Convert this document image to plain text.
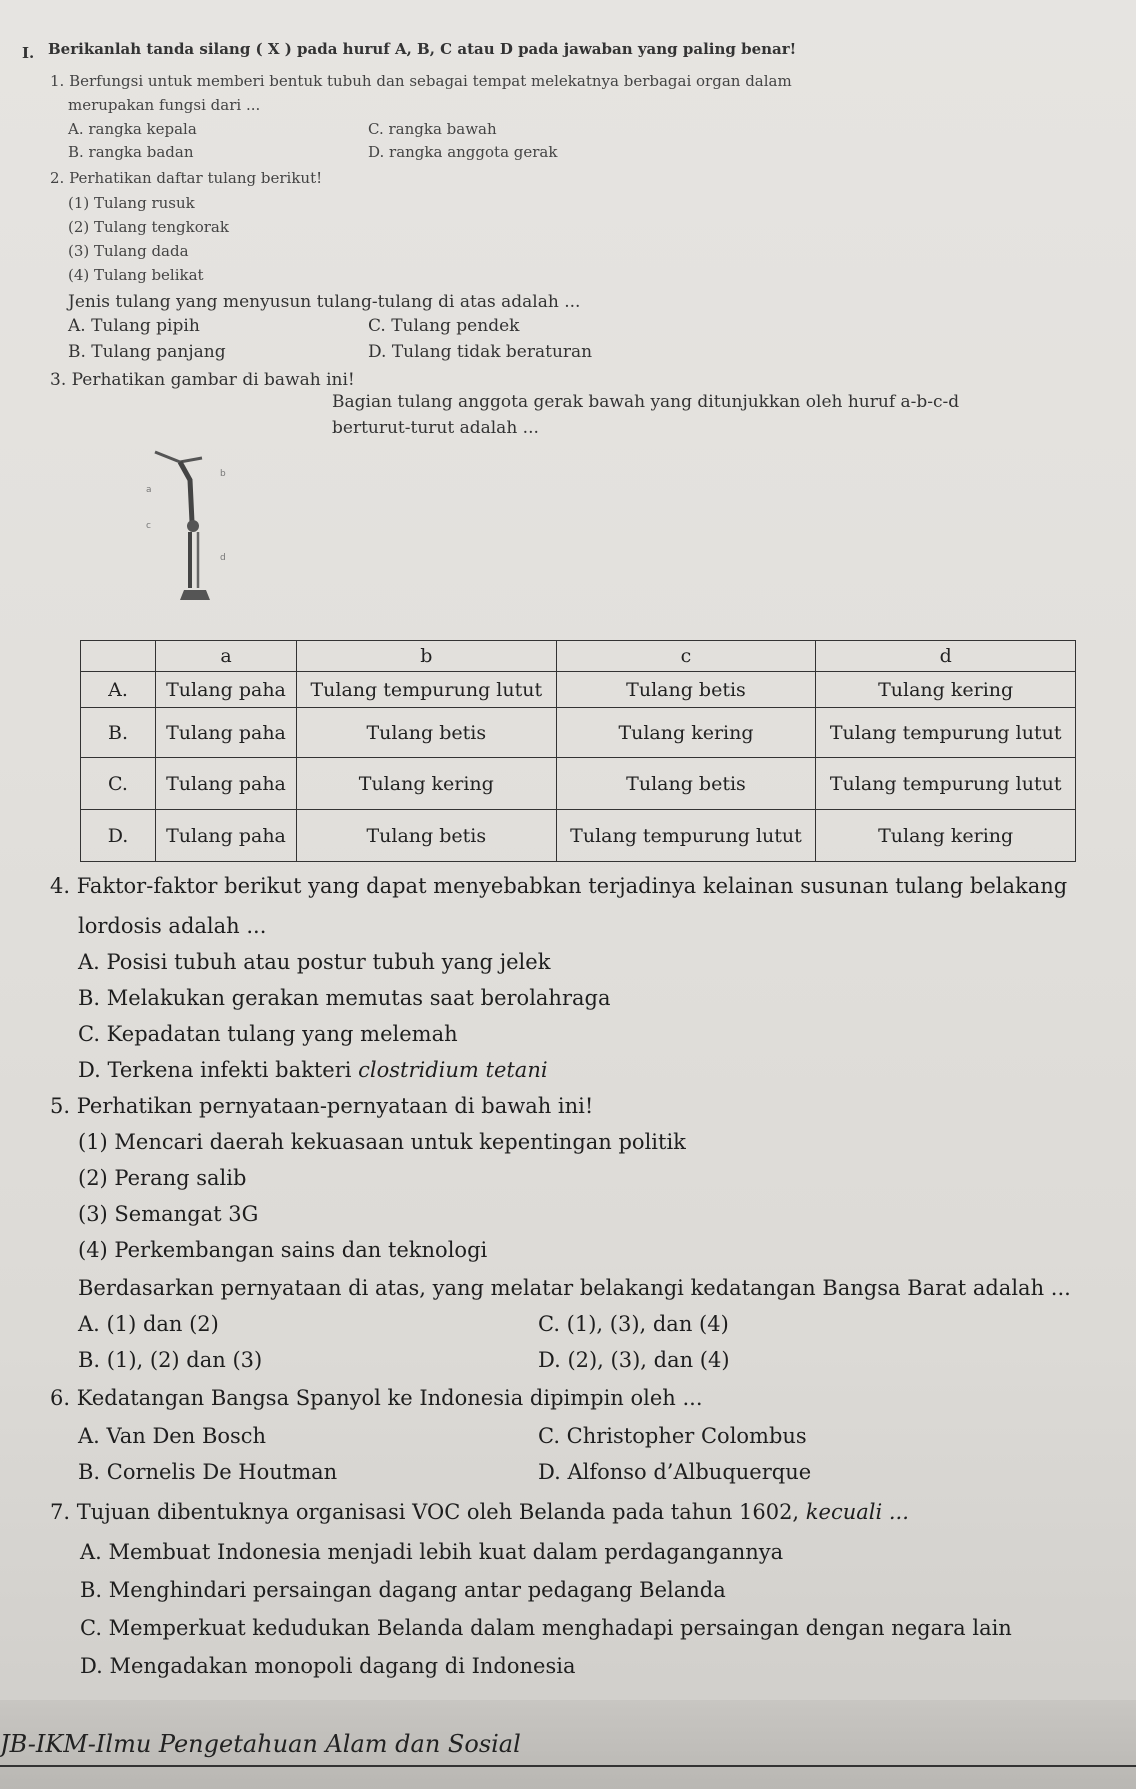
I. Berikanlah tanda silang ( X ) pada huruf A, B, C atau D pada jawaban yang paling benar!
1. Berfungsi untuk memberi bentuk tubuh dan sebagai tempat melekatnya berbagai organ dalam
merupakan fungsi dari ...
A. rangka kepala
B. rangka badan
C. rangka bawah
D. rangka anggota gerak
2. Perhatikan daftar tulang berikut!
(1) Tulang rusuk
(2) Tulang tengkorak
(3) Tulang dada
(4) Tulang belikat
Jenis tulang yang menyusun tulang-tulang di atas adalah ...
A. Tulang pipih
B. Tulang panjang
C. Tulang pendek
D. Tulang tidak beraturan
3. Perhatikan gambar di bawah ini!
Bagian tulang anggota gerak bawah yang ditunjukkan oleh huruf a-b-c-d
berturut-turut adalah ...
a
b
c
d
	a	b	c	d
A.	Tulang paha	Tulang tempurung lutut	Tulang betis	Tulang kering
B.	Tulang paha	Tulang betis	Tulang kering	Tulang tempurung lutut
C.	Tulang paha	Tulang kering	Tulang betis	Tulang tempurung lutut
D.	Tulang paha	Tulang betis	Tulang tempurung lutut	Tulang kering
4. Faktor-faktor berikut yang dapat menyebabkan terjadinya kelainan susunan tulang belakang
lordosis adalah ...
A. Posisi tubuh atau postur tubuh yang jelek
B. Melakukan gerakan memutas saat berolahraga
C. Kepadatan tulang yang melemah
D. Terkena infekti bakteri clostridium tetani
5. Perhatikan pernyataan-pernyataan di bawah ini!
(1) Mencari daerah kekuasaan untuk kepentingan politik
(2) Perang salib
(3) Semangat 3G
(4) Perkembangan sains dan teknologi
Berdasarkan pernyataan di atas, yang melatar belakangi kedatangan Bangsa Barat adalah ...
A. (1) dan (2)
B. (1), (2) dan (3)
C. (1), (3), dan (4)
D. (2), (3), dan (4)
6. Kedatangan Bangsa Spanyol ke Indonesia dipimpin oleh ...
A. Van Den Bosch
B. Cornelis De Houtman
C. Christopher Colombus
D. Alfonso d’Albuquerque
7. Tujuan dibentuknya organisasi VOC oleh Belanda pada tahun 1602, kecuali ...
A. Membuat Indonesia menjadi lebih kuat dalam perdagangannya
B. Menghindari persaingan dagang antar pedagang Belanda
C. Memperkuat kedudukan Belanda dalam menghadapi persaingan dengan negara lain
D. Mengadakan monopoli dagang di Indonesia
JB-IKM-Ilmu Pengetahuan Alam dan Sosial
